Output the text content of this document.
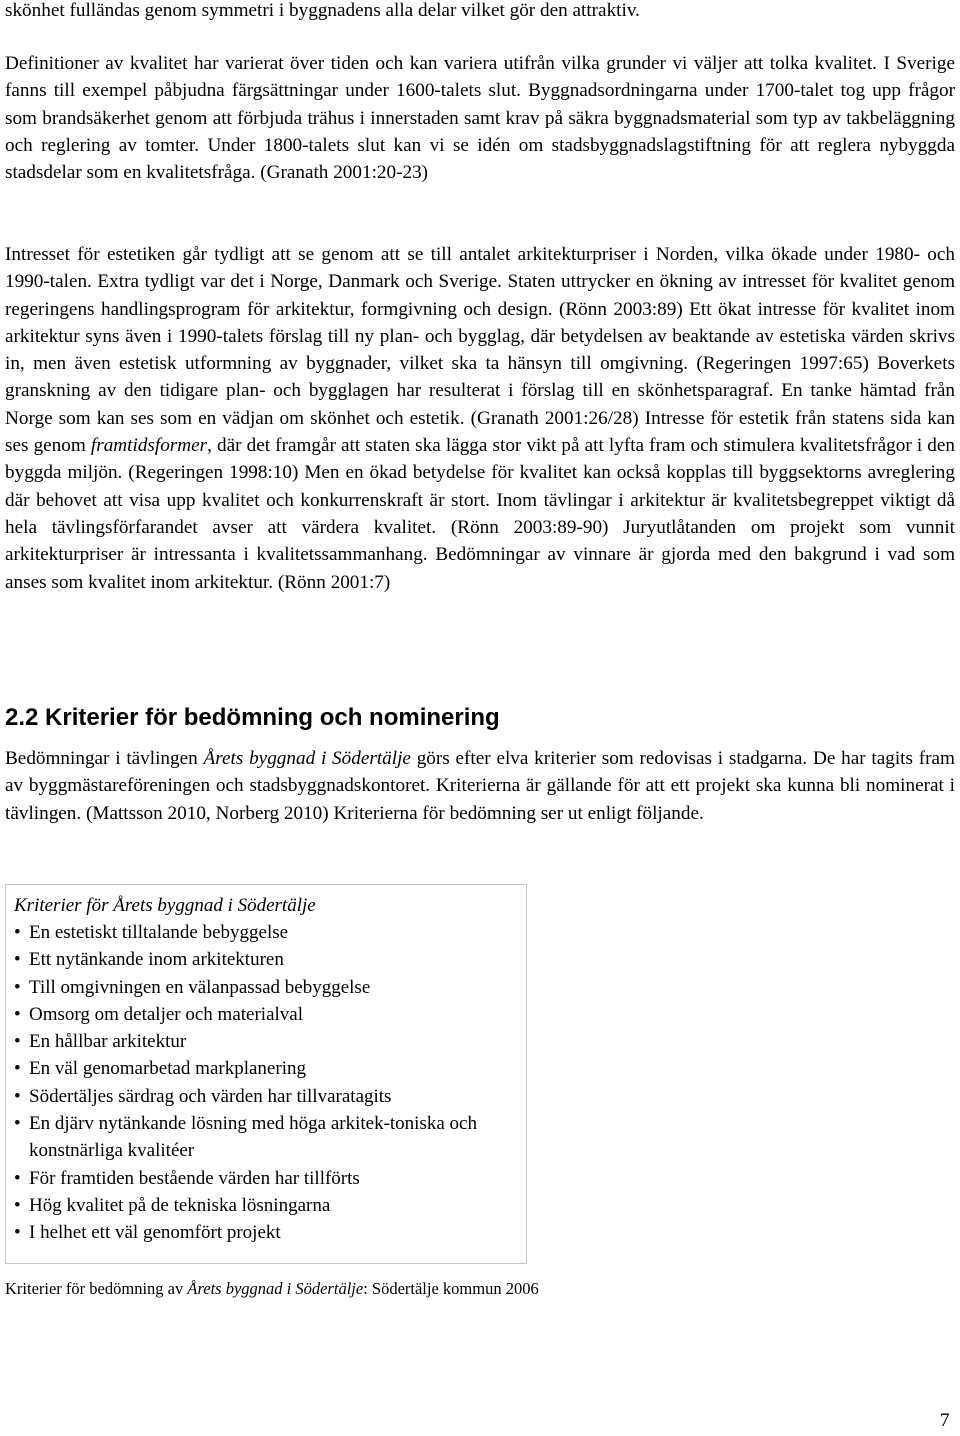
skönhet fulländas genom symmetri i byggnadens alla delar vilket gör den attraktiv.

Definitioner av kvalitet har varierat över tiden och kan variera utifrån vilka grunder vi väljer att tolka kvalitet. I Sverige fanns till exempel påbjudna färgsättningar under 1600-talets slut. Byggnadsordningarna under 1700-talet tog upp frågor som brandsäkerhet genom att förbjuda trähus i innerstaden samt krav på säkra byggnadsmaterial som typ av takbeläggning och reglering av tomter. Under 1800-talets slut kan vi se idén om stadsbyggnadslagstiftning för att reglera nybyggda stadsdelar som en kvalitetsfråga. (Granath 2001:20-23)

Intresset för estetiken går tydligt att se genom att se till antalet arkitekturpriser i Norden, vilka ökade under 1980- och 1990-talen. Extra tydligt var det i Norge, Danmark och Sverige. Staten uttrycker en ökning av intresset för kvalitet genom regeringens handlingsprogram för arkitektur, formgivning och design. (Rönn 2003:89) Ett ökat intresse för kvalitet inom arkitektur syns även i 1990-talets förslag till ny plan- och bygglag, där betydelsen av beaktande av estetiska värden skrivs in, men även estetisk utformning av byggnader, vilket ska ta hänsyn till omgivning. (Regeringen 1997:65) Boverkets granskning av den tidigare plan- och bygglagen har resulterat i förslag till en skönhetsparagraf. En tanke hämtad från Norge som kan ses som en vädjan om skönhet och estetik. (Granath 2001:26/28) Intresse för estetik från statens sida kan ses genom framtidsformer, där det framgår att staten ska lägga stor vikt på att lyfta fram och stimulera kvalitetsfrågor i den byggda miljön. (Regeringen 1998:10) Men en ökad betydelse för kvalitet kan också kopplas till byggsektorns avreglering där behovet att visa upp kvalitet och konkurrenskraft är stort. Inom tävlingar i arkitektur är kvalitetsbegreppet viktigt då hela tävlingsförfarandet avser att värdera kvalitet. (Rönn 2003:89-90) Juryutlåtanden om projekt som vunnit arkitekturpriser är intressanta i kvalitetssammanhang. Bedömningar av vinnare är gjorda med den bakgrund i vad som anses som kvalitet inom arkitektur. (Rönn 2001:7)

2.2 Kriterier för bedömning och nominering

Bedömningar i tävlingen Årets byggnad i Södertälje görs efter elva kriterier som redovisas i stadgarna. De har tagits fram av byggmästareföreningen och stadsbyggnadskontoret. Kriterierna är gällande för att ett projekt ska kunna bli nominerat i tävlingen. (Mattsson 2010, Norberg 2010) Kriterierna för bedömning ser ut enligt följande.

Kriterier för Årets byggnad i Södertälje

• En estetiskt tilltalande bebyggelse
• Ett nytänkande inom arkitekturen
• Till omgivningen en välanpassad bebyggelse
• Omsorg om detaljer och materialval
• En hållbar arkitektur
• En väl genomarbetad markplanering
• Södertäljes särdrag och värden har tillvaratagits
• En djärv nytänkande lösning med höga arkitek-toniska och konstnärliga kvalitéer
• För framtiden bestående värden har tillförts
• Hög kvalitet på de tekniska lösningarna
• I helhet ett väl genomfört projekt

Kriterier för bedömning av Årets byggnad i Södertälje: Södertälje kommun 2006

7
